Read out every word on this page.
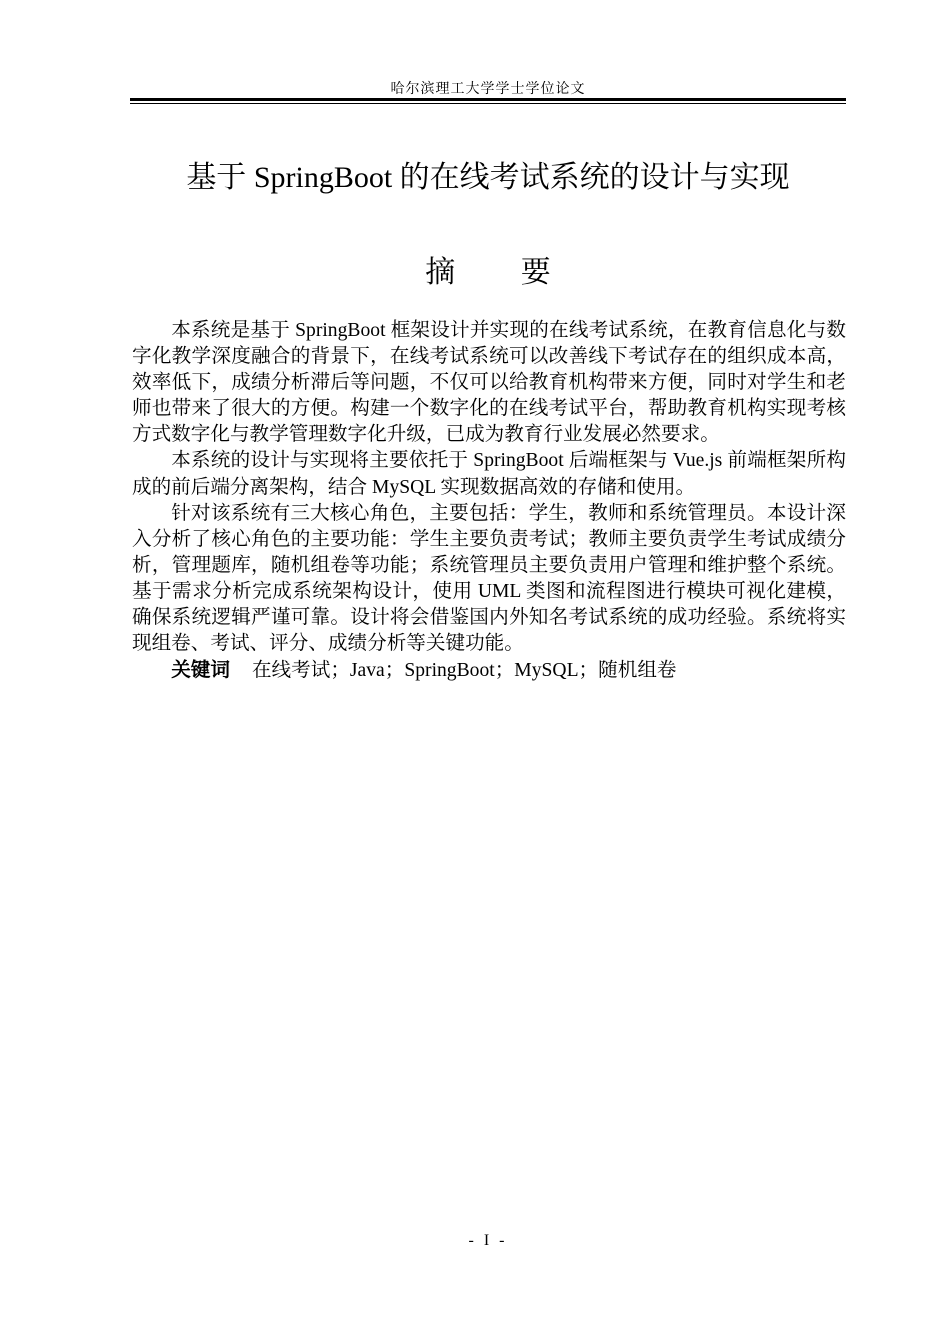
哈尔滨理工大学学士学位论文
基于 SpringBoot 的在线考试系统的设计与实现
摘 要

本系统是基于 SpringBoot 框架设计并实现的在线考试系统，在教育信息化与数字化教学深度融合的背景下，在线考试系统可以改善线下考试存在的组织成本高，效率低下，成绩分析滞后等问题，不仅可以给教育机构带来方便，同时对学生和老师也带来了很大的方便。构建一个数字化的在线考试平台，帮助教育机构实现考核方式数字化与教学管理数字化升级，已成为教育行业发展必然要求。

本系统的设计与实现将主要依托于 SpringBoot 后端框架与 Vue.js 前端框架所构成的前后端分离架构，结合 MySQL 实现数据高效的存储和使用。

针对该系统有三大核心角色，主要包括：学生，教师和系统管理员。本设计深入分析了核心角色的主要功能：学生主要负责考试；教师主要负责学生考试成绩分析，管理题库，随机组卷等功能；系统管理员主要负责用户管理和维护整个系统。基于需求分析完成系统架构设计，使用 UML 类图和流程图进行模块可视化建模，确保系统逻辑严谨可靠。设计将会借鉴国内外知名考试系统的成功经验。系统将实现组卷、考试、评分、成绩分析等关键功能。

关键词 在线考试；Java；SpringBoot；MySQL；随机组卷

- I -
